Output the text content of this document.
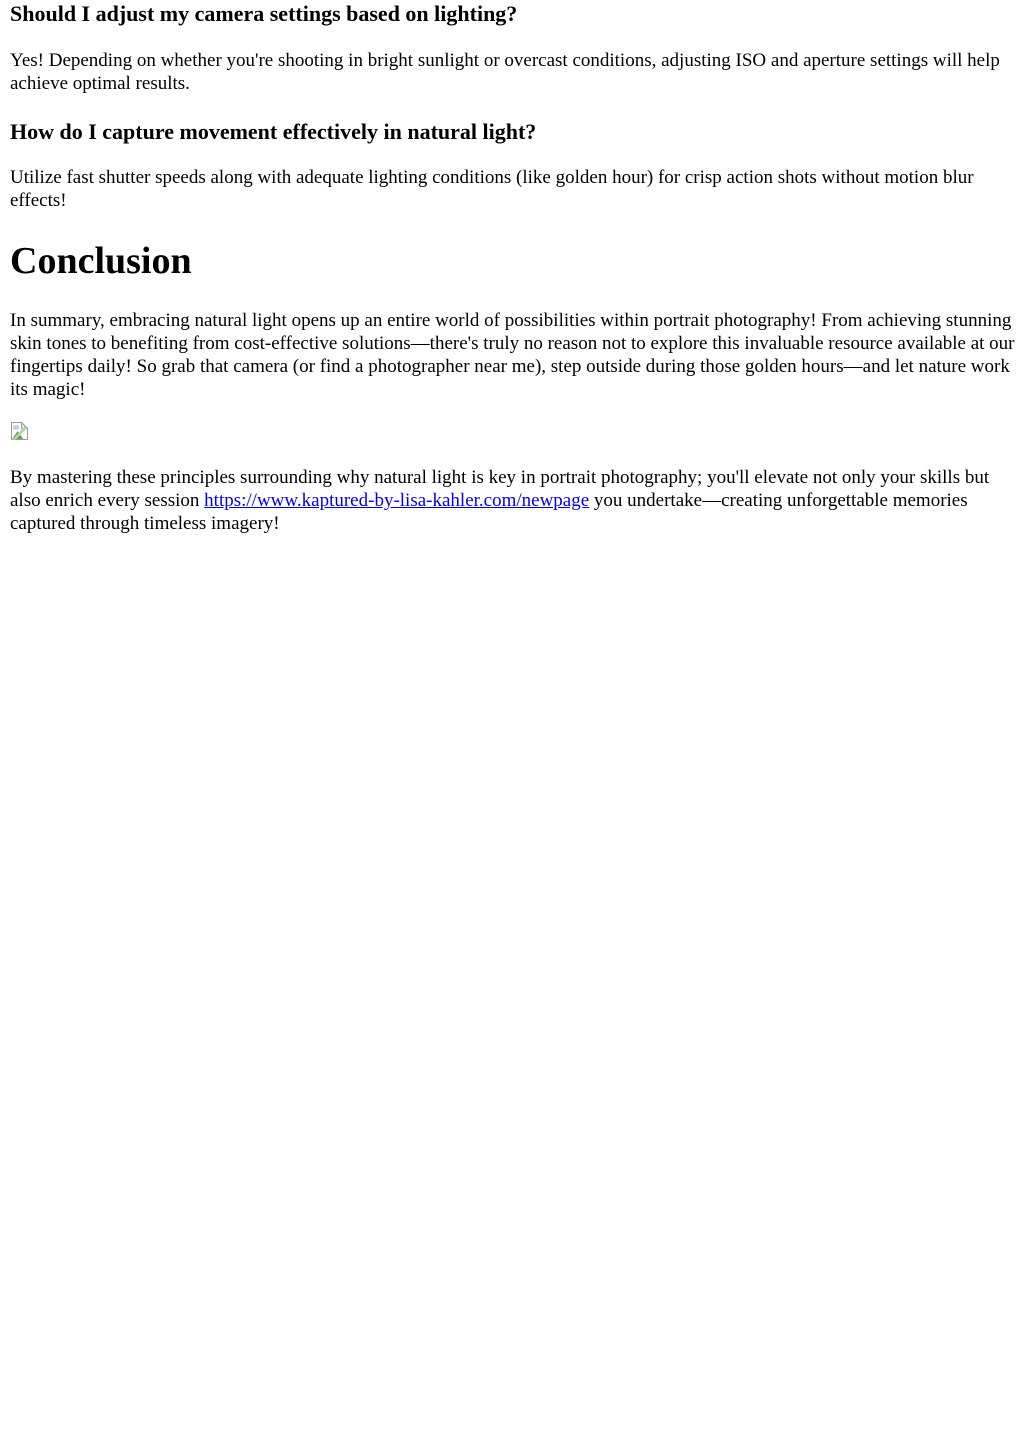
Should I adjust my camera settings based on lighting?

Yes! Depending on whether you're shooting in bright sunlight or overcast conditions, adjusting ISO and aperture settings will help achieve optimal results.

How do I capture movement effectively in natural light?

Utilize fast shutter speeds along with adequate lighting conditions (like golden hour) for crisp action shots without motion blur effects!

Conclusion

In summary, embracing natural light opens up an entire world of possibilities within portrait photography! From achieving stunning skin tones to benefiting from cost-effective solutions—there's truly no reason not to explore this invaluable resource available at our fingertips daily! So grab that camera (or find a photographer near me), step outside during those golden hours—and let nature work its magic!

By mastering these principles surrounding why natural light is key in portrait photography; you'll elevate not only your skills but also enrich every session https://www.kaptured-by-lisa-kahler.com/newpage you undertake—creating unforgettable memories captured through timeless imagery!
